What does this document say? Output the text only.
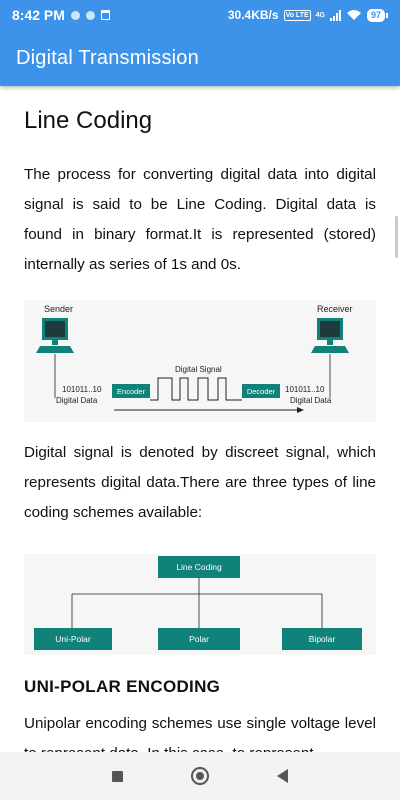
8:42 PM	30.4KB/s Vo LTE 4G	97
Digital Transmission
Line Coding

The process for converting digital data into digital signal is said to be Line Coding. Digital data is found in binary format.It is represented (stored) internally as series of 1s and 0s.

Sender	Receiver
Digital Signal
101011..10	101011..10
Digital Data	Digital Data
Encoder	Decoder

Digital signal is denoted by discreet signal, which represents digital data.There are three types of line coding schemes available:

Line Coding
Uni-Polar	Polar	Bipolar
UNI-POLAR ENCODING

Unipolar encoding schemes use single voltage level
